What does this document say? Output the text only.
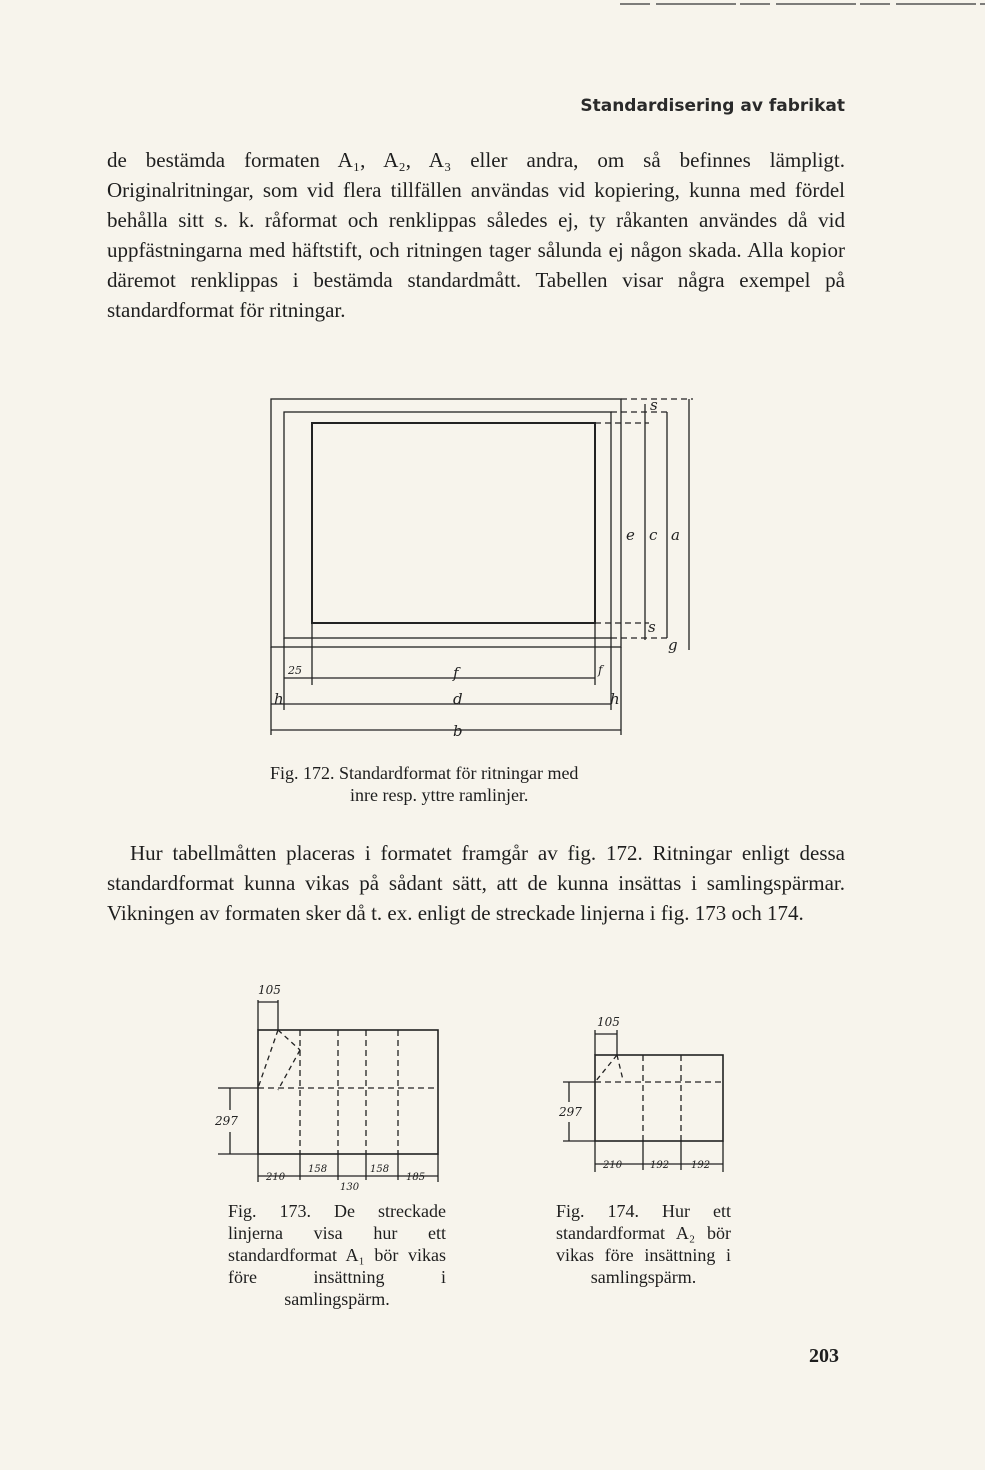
Standardisering av fabrikat

de bestämda formaten A₁, A₂, A₃ eller andra, om så befinnes lämpligt. Originalritningar, som vid flera tillfällen användas vid kopiering, kunna med fördel behålla sitt s. k. råformat och renklippas således ej, ty råkanten användes då vid uppfästningarna med häftstift, och ritningen tager sålunda ej någon skada. Alla kopior däremot renklippas i bestämda standardmått. Tabellen visar några exempel på standardformat för ritningar.

s
e c a
s
g
25	f	f
h	d	h
b

Fig. 172. Standardformat för ritningar med
inre resp. yttre ramlinjer.

Hur tabellmåtten placeras i formatet framgår av fig. 172. Ritningar enligt dessa standardformat kunna vikas på sådant sätt, att de kunna insättas i samlingspärmar. Vikningen av formaten sker då t. ex. enligt de streckade linjerna i fig. 173 och 174.

105
297
210
158
130
158
185

Fig. 173. De streckade linjerna visa hur ett standardformat A₁ bör vikas före insättning i samlingspärm.

105
297
210	192 192

Fig. 174. Hur ett standardformat A₂ bör vikas före insättning i samlingspärm.

203
